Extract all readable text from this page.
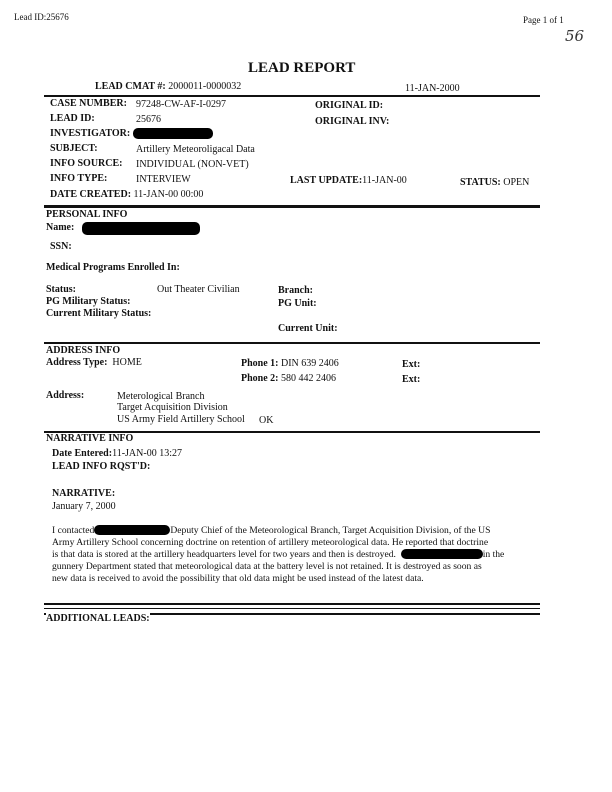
Lead ID:25676	Page 1 of 1
56
LEAD REPORT
LEAD CMAT #: 2000011-0000032	11-JAN-2000
CASE NUMBER: 97248-CW-AF-I-0297
LEAD ID:	25676
INVESTIGATOR:
SUBJECT:	Artillery Meteoroligacal Data
INFO SOURCE: INDIVIDUAL (NON-VET)
INFO TYPE:	INTERVIEW
DATE CREATED: 11-JAN-00 00:00
ORIGINAL ID:
ORIGINAL INV:
LAST UPDATE:11-JAN-00	STATUS: OPEN
PERSONAL INFO
Name:
SSN:
Medical Programs Enrolled In:
Status:	Out Theater Civilian
PG Military Status:
Current Military Status:
Branch:
PG Unit:
Current Unit:
ADDRESS INFO
Address Type: HOME	Phone 1: DIN 639 2406
Phone 2: 580 442 2406
Ext:
Ext:
Address:	Meterological Branch
Target Acquisition Division
US Army Field Artillery School OK
NARRATIVE INFO
Date Entered:11-JAN-00 13:27
LEAD INFO RQST'D:
NARRATIVE:
January 7, 2000
I contacted	Deputy Chief of the Meteorological Branch, Target Acquisition Division, of the US
Army Artillery School concerning doctrine on retention of artillery meteorological data. He reported that doctrine
is that data is stored at the artillery headquarters level for two years and then is destroyed.	in the
gunnery Department stated that meteorological data at the battery level is not retained. It is destroyed as soon as
new data is received to avoid the possibility that old data might be used instead of the latest data.
ADDITIONAL LEADS:
